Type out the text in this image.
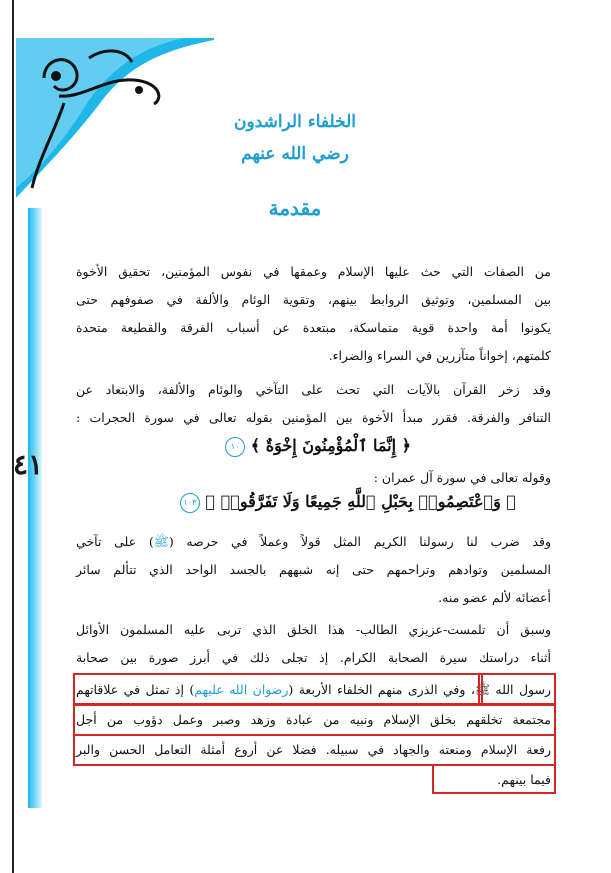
٤١
الخلفاء الراشدون
رضي الله عنهم
مقدمة
من الصفات التي حث عليها الإسلام وعمقها في نفوس المؤمنين، تحقيق الأخوة
بين المسلمين، وتوثيق الروابط بينهم، وتقوية الوئام والألفة في صفوفهم حتى
يكونوا أمة واحدة قوية متماسكة، مبتعدة عن أسباب الفرقة والقطيعة متحدة
كلمتهم، إخواناً متآزرين في السراء والضراء.
وقد زخر القرآن بالآيات التي تحث على التآخي والوئام والألفة، والابتعاد عن
التنافر والفرقة. فقرر مبدأ الأخوة بين المؤمنين بقوله تعالى في سورة الحجرات :
﴿ إِنَّمَا ٱلْمُؤْمِنُونَ إِخْوَةٌ ﴾ ١٠
وقوله تعالى في سورة آل عمران :
﴿ وَٱعْتَصِمُوا۟ بِحَبْلِ ٱللَّهِ جَمِيعًا وَلَا تَفَرَّقُوا۟ ﴾ ١٠٣
وقد ضرب لنا رسولنا الكريم المثل قولاً وعملاً في حرصه (ﷺ) على تآخي
المسلمين وتوادهم وتراحمهم حتى إنه شبههم بالجسد الواحد الذي تتألم سائر
أعضائه لألم عضو منه.
وسبق أن تلمست-عزيزي الطالب- هذا الخلق الذي تربى عليه المسلمون الأوائل
أثناء دراستك سيرة الصحابة الكرام. إذ تجلى ذلك في أبرز صورة بين صحابة
رسول الله ﷺ، وفي الذرى منهم الخلفاء الأربعة (رضوان الله عليهم) إذ تمثل في علاقاتهم
مجتمعة تخلقهم بخلق الإسلام ونبيه من عبادة وزهد وصبر وعمل دؤوب من أجل
رفعة الإسلام ومنعته والجهاد في سبيله. فضلا عن أروع أمثلة التعامل الحسن والبر
فيما بينهم.
